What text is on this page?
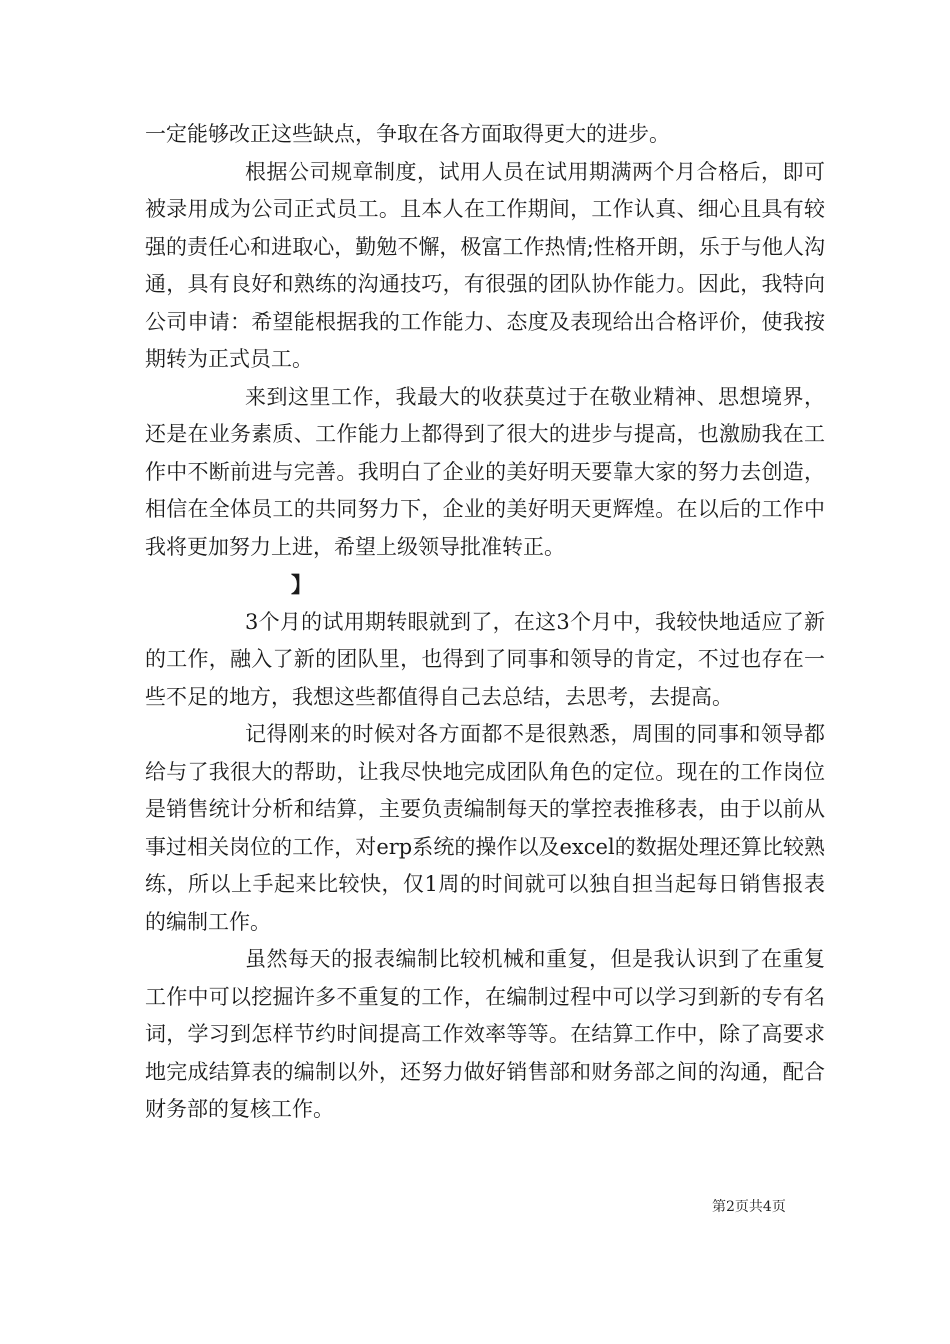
一定能够改正这些缺点，争取在各方面取得更大的进步。

根据公司规章制度，试用人员在试用期满两个月合格后，即可被录用成为公司正式员工。且本人在工作期间，工作认真、细心且具有较强的责任心和进取心，勤勉不懈，极富工作热情;性格开朗，乐于与他人沟通，具有良好和熟练的沟通技巧，有很强的团队协作能力。因此，我特向公司申请：希望能根据我的工作能力、态度及表现给出合格评价，使我按期转为正式员工。

来到这里工作，我最大的收获莫过于在敬业精神、思想境界，还是在业务素质、工作能力上都得到了很大的进步与提高，也激励我在工作中不断前进与完善。我明白了企业的美好明天要靠大家的努力去创造，相信在全体员工的共同努力下，企业的美好明天更辉煌。在以后的工作中我将更加努力上进，希望上级领导批准转正。

】

3个月的试用期转眼就到了，在这3个月中，我较快地适应了新的工作，融入了新的团队里，也得到了同事和领导的肯定，不过也存在一些不足的地方，我想这些都值得自己去总结，去思考，去提高。

记得刚来的时候对各方面都不是很熟悉，周围的同事和领导都给与了我很大的帮助，让我尽快地完成团队角色的定位。现在的工作岗位是销售统计分析和结算，主要负责编制每天的掌控表推移表，由于以前从事过相关岗位的工作，对erp系统的操作以及excel的数据处理还算比较熟练，所以上手起来比较快，仅1周的时间就可以独自担当起每日销售报表的编制工作。

虽然每天的报表编制比较机械和重复，但是我认识到了在重复工作中可以挖掘许多不重复的工作，在编制过程中可以学习到新的专有名词，学习到怎样节约时间提高工作效率等等。在结算工作中，除了高要求地完成结算表的编制以外，还努力做好销售部和财务部之间的沟通，配合财务部的复核工作。

第2页共4页
